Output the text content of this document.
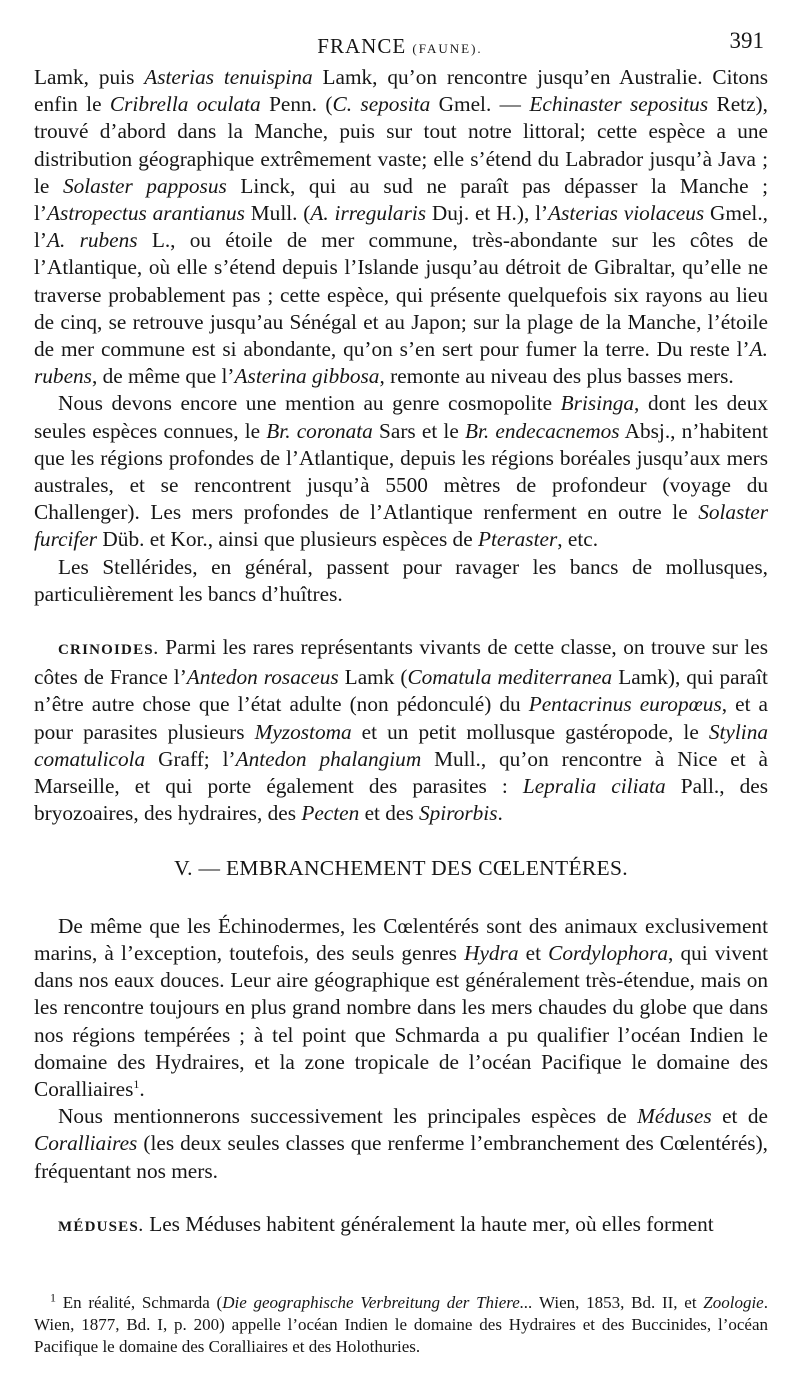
FRANCE (FAUNE).	391

Lamk, puis Asterias tenuispina Lamk, qu’on rencontre jusqu’en Australie. Citons enfin le Cribrella oculata Penn. (C. seposita Gmel. — Echinaster sepositus Retz), trouvé d’abord dans la Manche, puis sur tout notre littoral; cette espèce a une distribution géographique extrêmement vaste; elle s’étend du Labrador jusqu’à Java ; le Solaster papposus Linck, qui au sud ne paraît pas dépasser la Manche ; l’Astropectus arantianus Mull. (A. irregularis Duj. et H.), l’Asterias violaceus Gmel., l’A. rubens L., ou étoile de mer commune, très-abondante sur les côtes de l’Atlantique, où elle s’étend depuis l’Islande jusqu’au détroit de Gibraltar, qu’elle ne traverse probablement pas ; cette espèce, qui présente quelquefois six rayons au lieu de cinq, se retrouve jusqu’au Sénégal et au Japon; sur la plage de la Manche, l’étoile de mer commune est si abondante, qu’on s’en sert pour fumer la terre. Du reste l’A. rubens, de même que l’Asterina gibbosa, remonte au niveau des plus basses mers.

Nous devons encore une mention au genre cosmopolite Brisinga, dont les deux seules espèces connues, le Br. coronata Sars et le Br. endecacnemos Absj., n’habitent que les régions profondes de l’Atlantique, depuis les régions boréales jusqu’aux mers australes, et se rencontrent jusqu’à 5500 mètres de profondeur (voyage du Challenger). Les mers profondes de l’Atlantique renferment en outre le Solaster furcifer Düb. et Kor., ainsi que plusieurs espèces de Pteraster, etc.

Les Stellérides, en général, passent pour ravager les bancs de mollusques, particulièrement les bancs d’huîtres.

CRINOIDES. Parmi les rares représentants vivants de cette classe, on trouve sur les côtes de France l’Antedon rosaceus Lamk (Comatula mediterranea Lamk), qui paraît n’être autre chose que l’état adulte (non pédonculé) du Pentacrinus europœus, et a pour parasites plusieurs Myzostoma et un petit mollusque gastéropode, le Stylina comatulicola Graff; l’Antedon phalangium Mull., qu’on rencontre à Nice et à Marseille, et qui porte également des parasites : Lepralia ciliata Pall., des bryozoaires, des hydraires, des Pecten et des Spirorbis.

V. — EMBRANCHEMENT DES CŒLENTÉRES.

De même que les Échinodermes, les Cœlentérés sont des animaux exclusivement marins, à l’exception, toutefois, des seuls genres Hydra et Cordylophora, qui vivent dans nos eaux douces. Leur aire géographique est généralement très-étendue, mais on les rencontre toujours en plus grand nombre dans les mers chaudes du globe que dans nos régions tempérées ; à tel point que Schmarda a pu qualifier l’océan Indien le domaine des Hydraires, et la zone tropicale de l’océan Pacifique le domaine des Coralliaires$^1$.

Nous mentionnerons successivement les principales espèces de Méduses et de Coralliaires (les deux seules classes que renferme l’embranchement des Cœlentérés), fréquentant nos mers.

MÉDUSES. Les Méduses habitent généralement la haute mer, où elles forment

$^1$ En réalité, Schmarda (Die geographische Verbreitung der Thiere... Wien, 1853, Bd. II, et Zoologie. Wien, 1877, Bd. I, p. 200) appelle l’océan Indien le domaine des Hydraires et des Buccinides, l’océan Pacifique le domaine des Coralliaires et des Holothuries.
